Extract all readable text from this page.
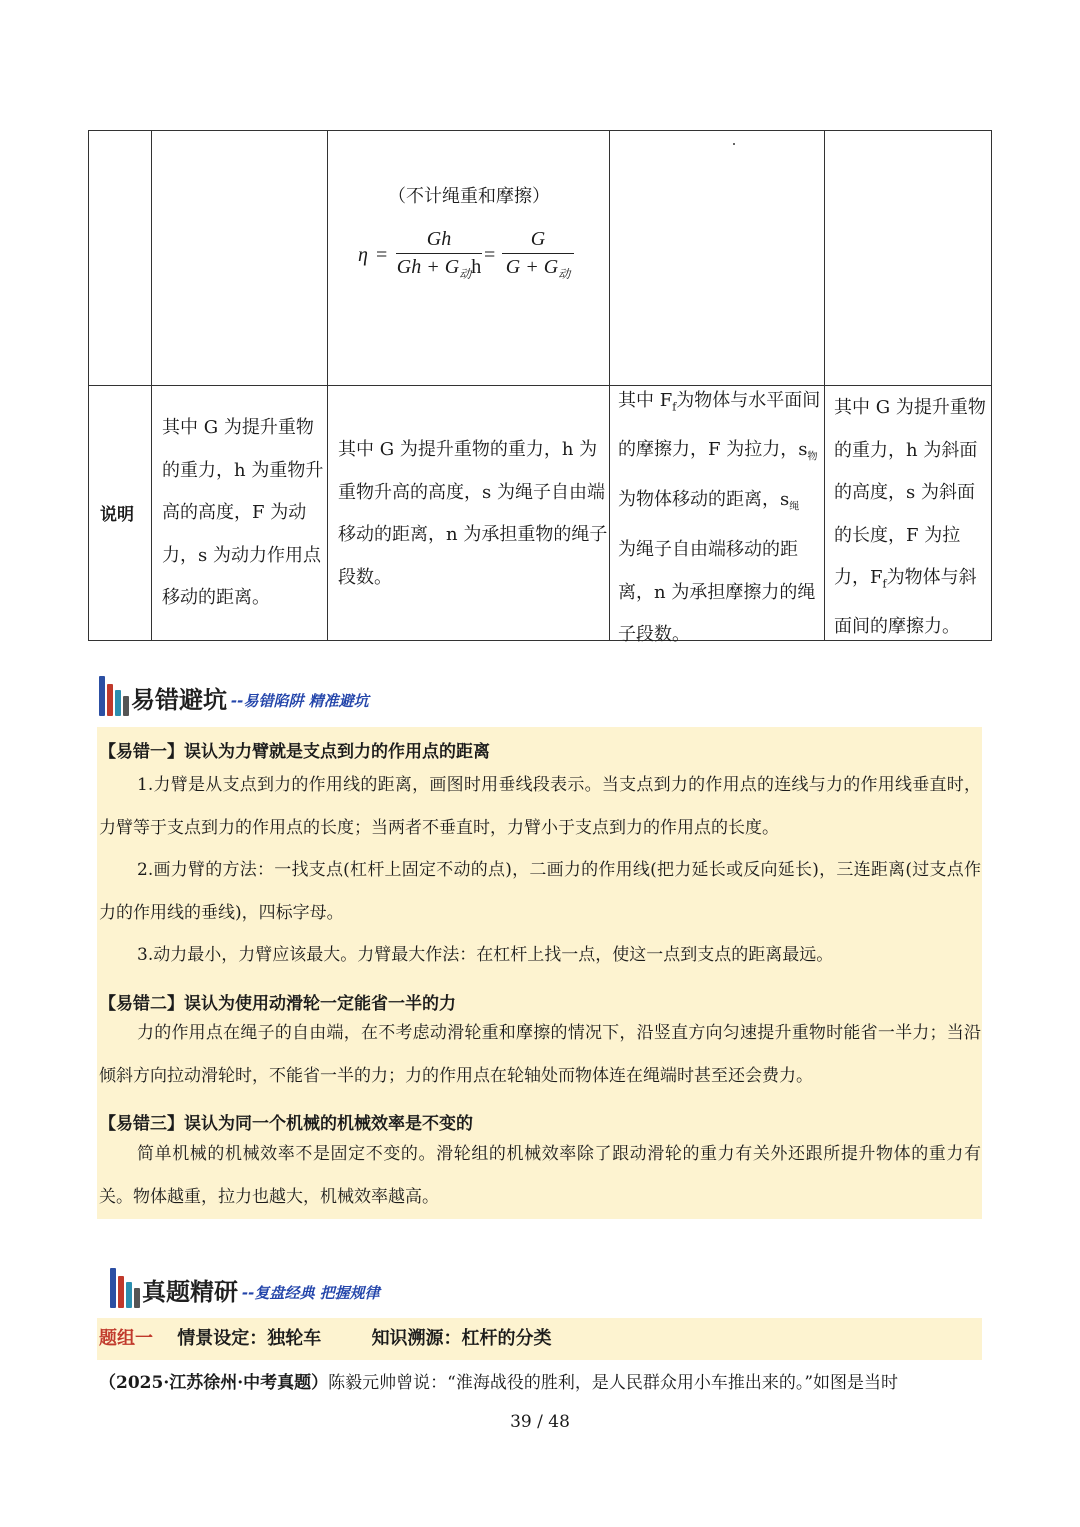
（不计绳重和摩擦）
η =
Gh
$Gh + G_动h$
=
G
$G + G_动$
说明
其中 G 为提升重物的重力，h 为重物升高的高度，F 为动力，s 为动力作用点移动的距离。
其中 G 为提升重物的重力，h 为重物升高的高度，s 为绳子自由端移动的距离，n 为承担重物的绳子段数。
其中 $F_f$为物体与水平面间的摩擦力，F 为拉力，$s_物$
为物体移动的距离，$s_绳$
为绳子自由端移动的距离，n 为承担摩擦力的绳子段数。
其中 G 为提升重物的重力，h 为斜面的高度，s 为斜面的长度，F 为拉力，$F_f$为物体与斜面间的摩擦力。
易错避坑 --易错陷阱 精准避坑
【易错一】误认为力臂就是支点到力的作用点的距离
1.力臂是从支点到力的作用线的距离，画图时用垂线段表示。当支点到力的作用点的连线与力的作用线垂直时，力臂等于支点到力的作用点的长度；当两者不垂直时，力臂小于支点到力的作用点的长度。
2.画力臂的方法：一找支点(杠杆上固定不动的点)，二画力的作用线(把力延长或反向延长)，三连距离(过支点作力的作用线的垂线)，四标字母。
3.动力最小，力臂应该最大。力臂最大作法：在杠杆上找一点，使这一点到支点的距离最远。
【易错二】误认为使用动滑轮一定能省一半的力
力的作用点在绳子的自由端，在不考虑动滑轮重和摩擦的情况下，沿竖直方向匀速提升重物时能省一半力；当沿倾斜方向拉动滑轮时，不能省一半的力；力的作用点在轮轴处而物体连在绳端时甚至还会费力。
【易错三】误认为同一个机械的机械效率是不变的
简单机械的机械效率不是固定不变的。滑轮组的机械效率除了跟动滑轮的重力有关外还跟所提升物体的重力有关。物体越重，拉力也越大，机械效率越高。
真题精研 --复盘经典 把握规律
题组一 情景设定：独轮车	知识溯源：杠杆的分类
（2025·江苏徐州·中考真题）陈毅元帅曾说：“淮海战役的胜利，是人民群众用小车推出来的。”如图是当时
39 / 48
